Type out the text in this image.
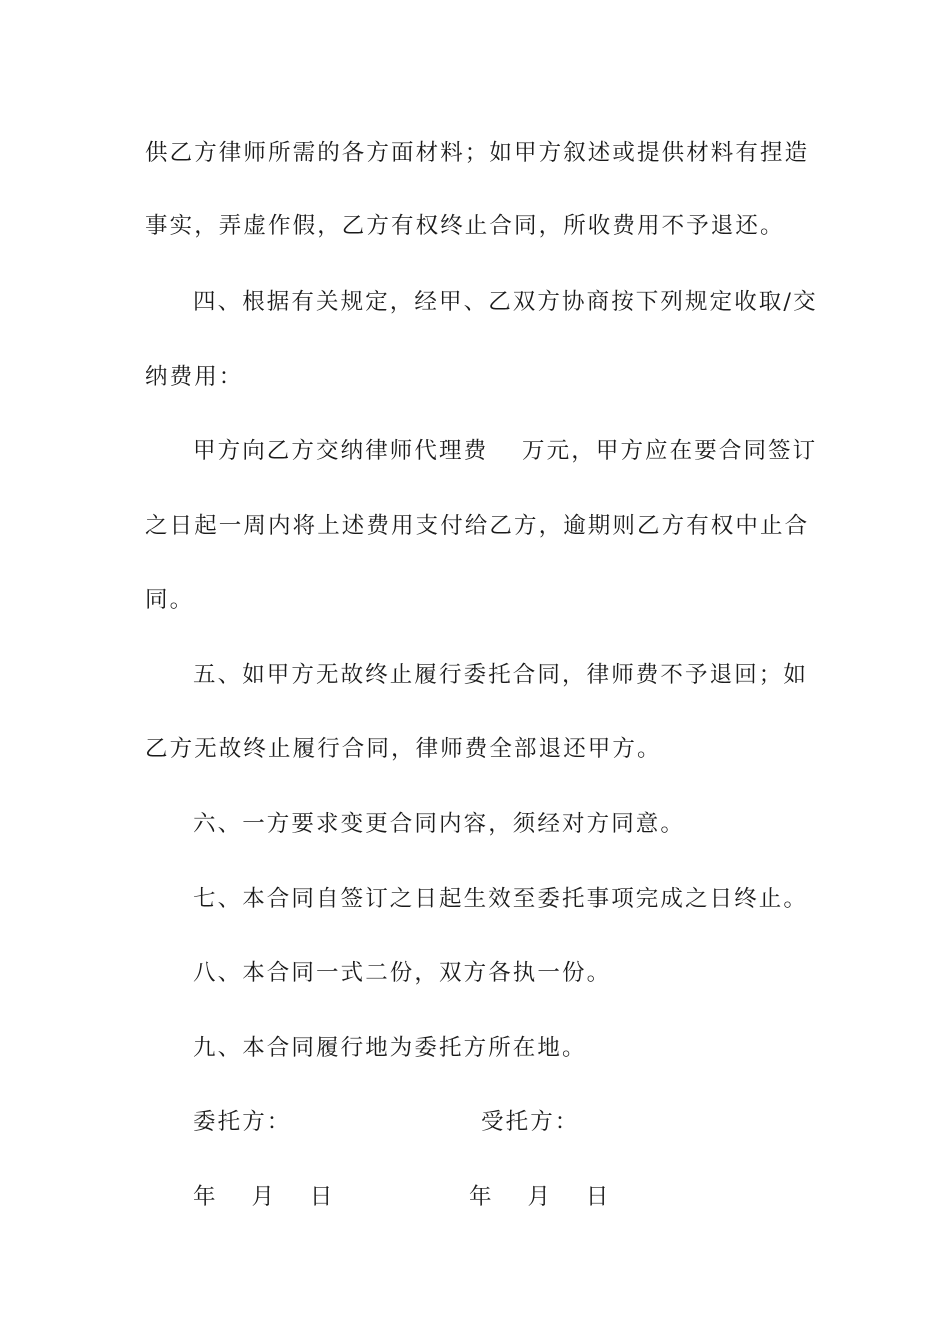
供乙方律师所需的各方面材料；如甲方叙述或提供材料有捏造
事实，弄虚作假，乙方有权终止合同，所收费用不予退还。
四、根据有关规定，经甲、乙双方协商按下列规定收取/交
纳费用：
甲方向乙方交纳律师代理费　 万元，甲方应在要合同签订
之日起一周内将上述费用支付给乙方，逾期则乙方有权中止合
同。
五、如甲方无故终止履行委托合同，律师费不予退回；如
乙方无故终止履行合同，律师费全部退还甲方。
六、一方要求变更合同内容，须经对方同意。
七、本合同自签订之日起生效至委托事项完成之日终止。
八、本合同一式二份，双方各执一份。
九、本合同履行地为委托方所在地。
委托方：	受托方：
年　 月　 日	年　 月　 日
